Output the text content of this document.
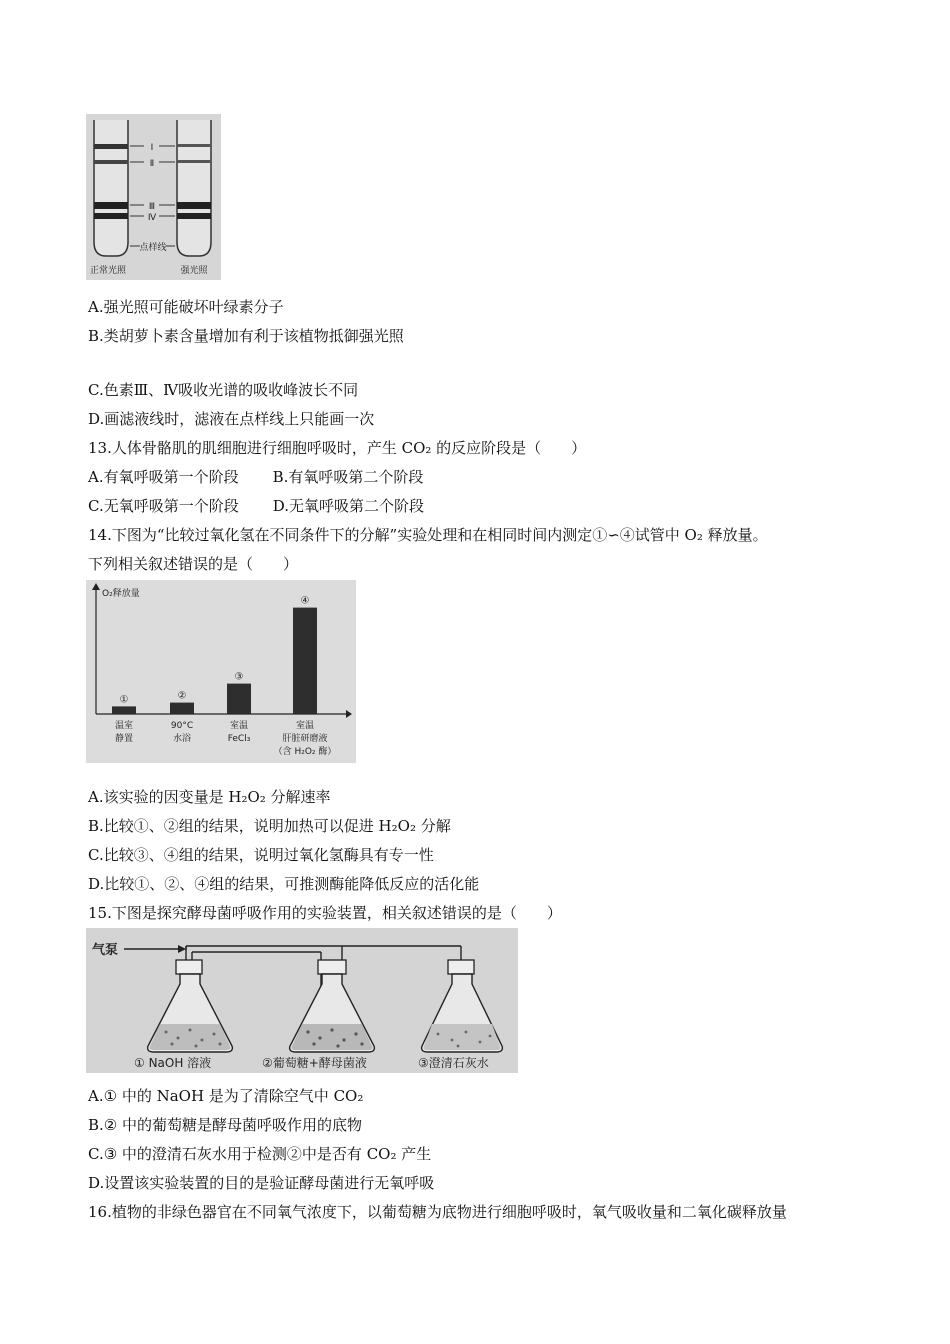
Ⅰ
Ⅱ
Ⅲ
Ⅳ
点样线
正常光照	强光照
A.强光照可能破坏叶绿素分子
B.类胡萝卜素含量增加有利于该植物抵御强光照
C.色素Ⅲ、Ⅳ吸收光谱的吸收峰波长不同
D.画滤液线时，滤液在点样线上只能画一次
13.人体骨骼肌的肌细胞进行细胞呼吸时，产生 CO₂ 的反应阶段是（　　）
A.有氧呼吸第一个阶段 B.有氧呼吸第二个阶段
C.无氧呼吸第一个阶段 D.无氧呼吸第二个阶段
14.下图为“比较过氧化氢在不同条件下的分解”实验处理和在相同时间内测定①∽④试管中 O₂ 释放量。
下列相关叙述错误的是（　　）
O₂释放量
①
温室
静置
②
90°C
水浴
③
室温
FeCl₃
④
室温
肝脏研磨液
（含 H₂O₂ 酶）
A.该实验的因变量是 H₂O₂ 分解速率
B.比较①、②组的结果，说明加热可以促进 H₂O₂ 分解
C.比较③、④组的结果，说明过氧化氢酶具有专一性
D.比较①、②、④组的结果，可推测酶能降低反应的活化能
15.下图是探究酵母菌呼吸作用的实验装置，相关叙述错误的是（　　）
气泵
① NaOH 溶液	②葡萄糖+酵母菌液	③澄清石灰水
A.① 中的 NaOH 是为了清除空气中 CO₂
B.② 中的葡萄糖是酵母菌呼吸作用的底物
C.③ 中的澄清石灰水用于检测②中是否有 CO₂ 产生
D.设置该实验装置的目的是验证酵母菌进行无氧呼吸
16.植物的非绿色器官在不同氧气浓度下，以葡萄糖为底物进行细胞呼吸时，氧气吸收量和二氧化碳释放量
